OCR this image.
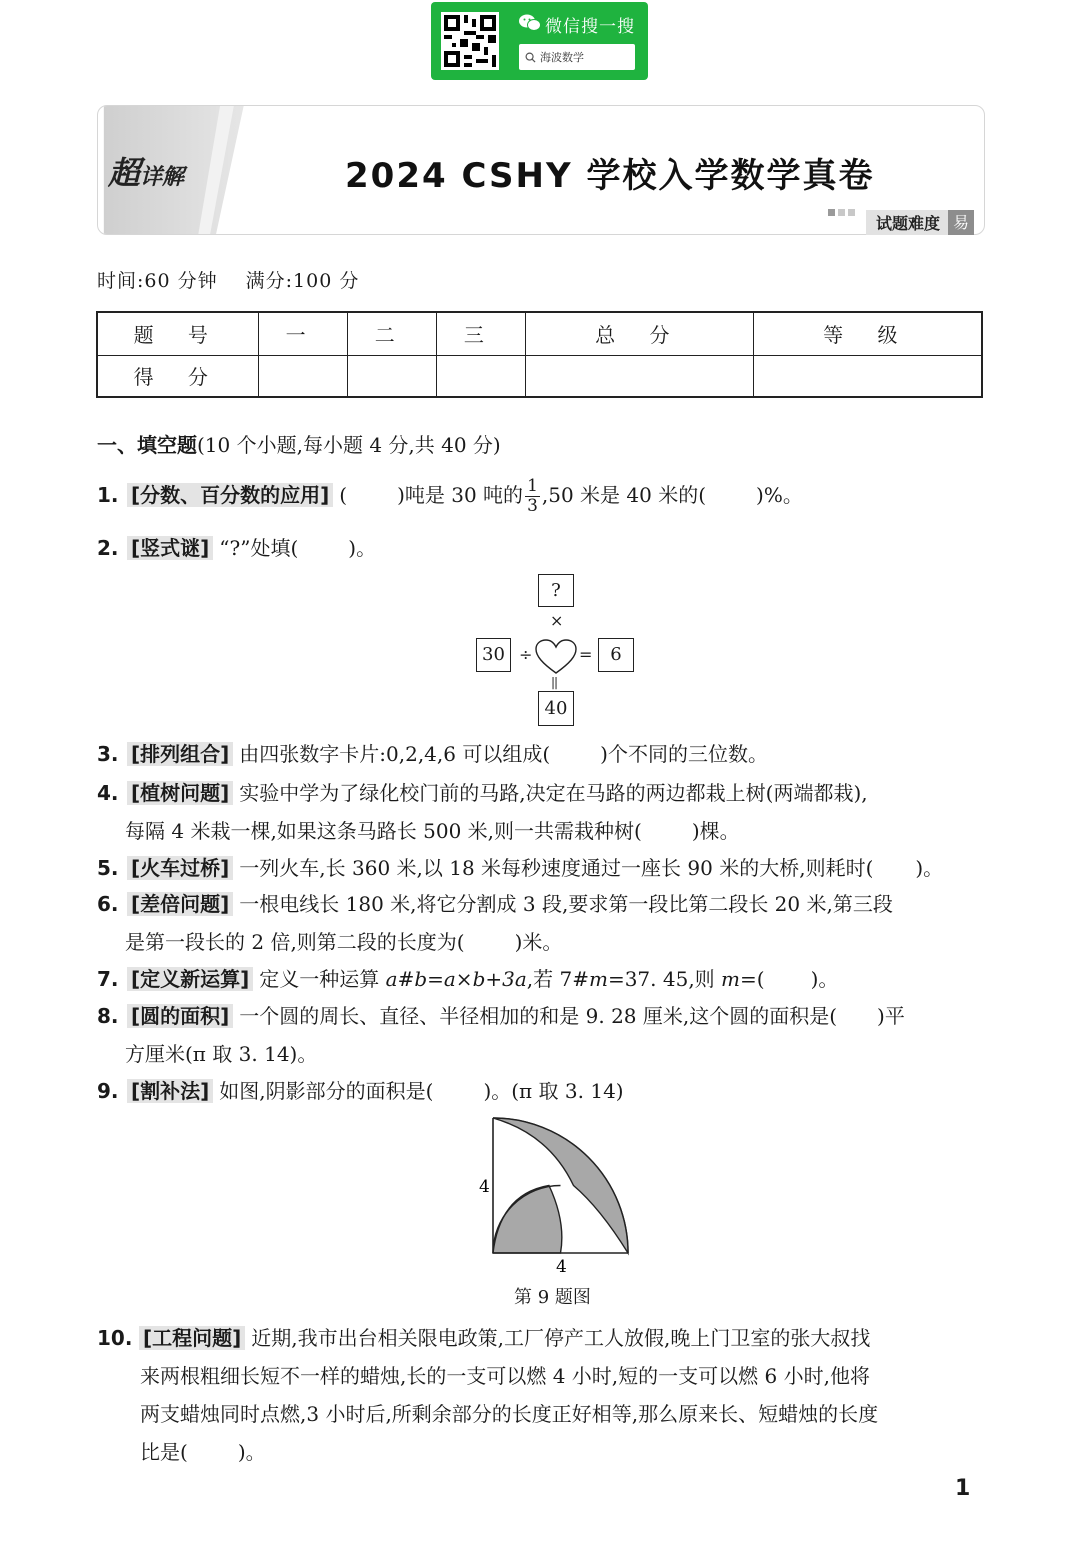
微信搜一搜
海波数学
超详解	2024 CSHY 学校入学数学真卷
试题难度 易
时间:60 分钟 满分:100 分
题 号	一	二	三	总 分	等 级
得 分					
一、填空题(10 个小题,每小题 4 分,共 40 分)
1. [分数、百分数的应用] (	)吨是 30 吨的 $\frac{1}{3} ,50$ 米是 40 米的(	)%。
2. [竖式谜] “?”处填(	)。
?
×
30 ÷	= 6
||
40
3. [排列组合] 由四张数字卡片:0,2,4,6 可以组成(	)个不同的三位数。
4. [植树问题] 实验中学为了绿化校门前的马路,决定在马路的两边都栽上树(两端都栽),
每隔 4 米栽一棵,如果这条马路长 500 米,则一共需栽种树(	)棵。
5. [火车过桥] 一列火车,长 360 米,以 18 米每秒速度通过一座长 90 米的大桥,则耗时( )。
6. [差倍问题] 一根电线长 180 米,将它分割成 3 段,要求第一段比第二段长 20 米,第三段
是第一段长的 2 倍,则第二段的长度为(	)米。
7. [定义新运算] 定义一种运算 a#b=a×b+3a,若 7#m=37. 45,则 m=( )。
8. [圆的面积] 一个圆的周长、直径、半径相加的和是 9. 28 厘米,这个圆的面积是( )平
方厘米(π 取 3. 14)。
9. [割补法] 如图,阴影部分的面积是(	)。(π 取 3. 14)
4
4
第 9 题图
10. [工程问题] 近期,我市出台相关限电政策,工厂停产工人放假,晚上门卫室的张大叔找
来两根粗细长短不一样的蜡烛,长的一支可以燃 4 小时,短的一支可以燃 6 小时,他将
两支蜡烛同时点燃,3 小时后,所剩余部分的长度正好相等,那么原来长、短蜡烛的长度
比是(	)。
1
